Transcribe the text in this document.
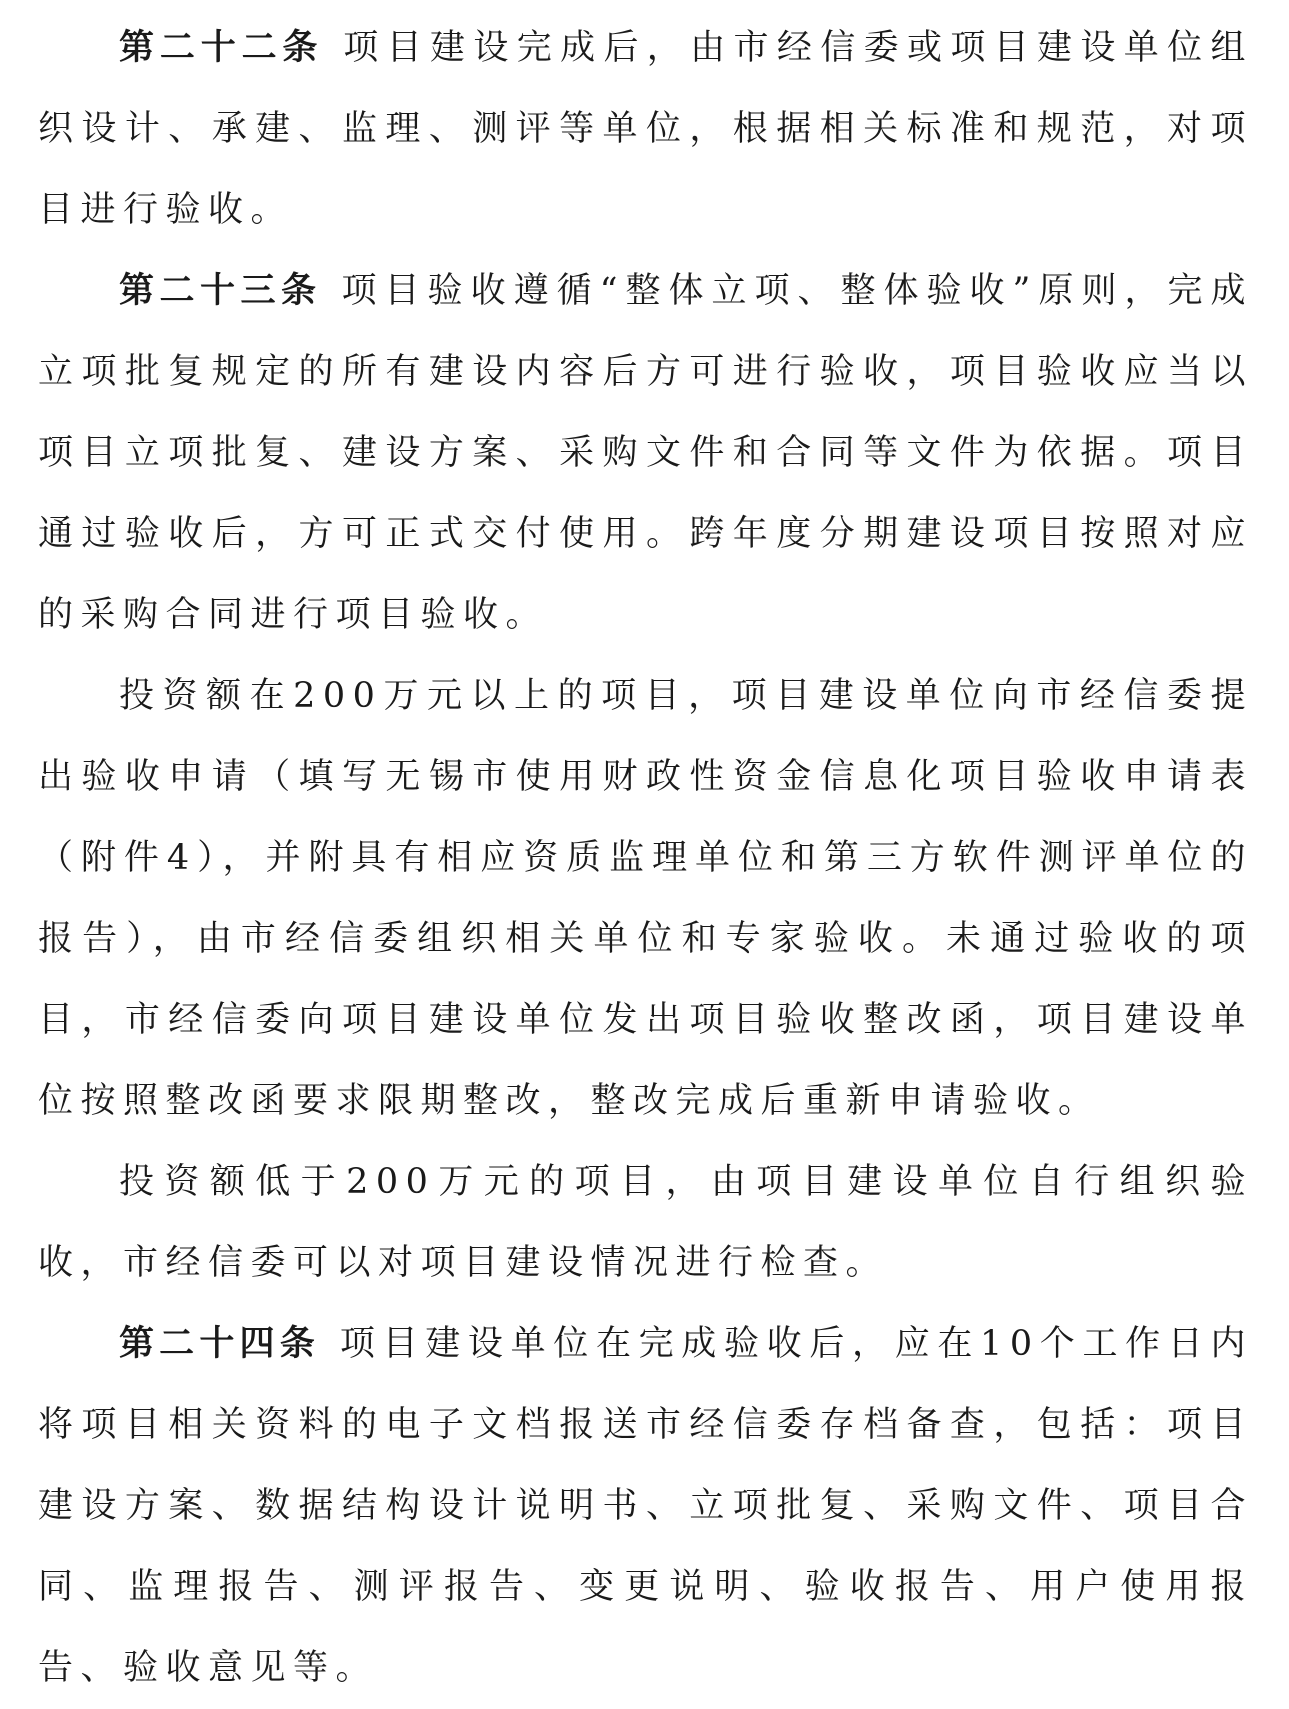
第二十二条 项目建设完成后，由市经信委或项目建设单位组织设计、承建、监理、测评等单位，根据相关标准和规范，对项目进行验收。

第二十三条 项目验收遵循“整体立项、整体验收”原则，完成立项批复规定的所有建设内容后方可进行验收，项目验收应当以项目立项批复、建设方案、采购文件和合同等文件为依据。项目通过验收后，方可正式交付使用。跨年度分期建设项目按照对应的采购合同进行项目验收。

投资额在200万元以上的项目，项目建设单位向市经信委提出验收申请（填写无锡市使用财政性资金信息化项目验收申请表（附件4），并附具有相应资质监理单位和第三方软件测评单位的报告），由市经信委组织相关单位和专家验收。未通过验收的项目，市经信委向项目建设单位发出项目验收整改函，项目建设单位按照整改函要求限期整改，整改完成后重新申请验收。

投资额低于200万元的项目，由项目建设单位自行组织验收，市经信委可以对项目建设情况进行检查。

第二十四条 项目建设单位在完成验收后，应在10个工作日内将项目相关资料的电子文档报送市经信委存档备查，包括：项目建设方案、数据结构设计说明书、立项批复、采购文件、项目合同、监理报告、测评报告、变更说明、验收报告、用户使用报告、验收意见等。
